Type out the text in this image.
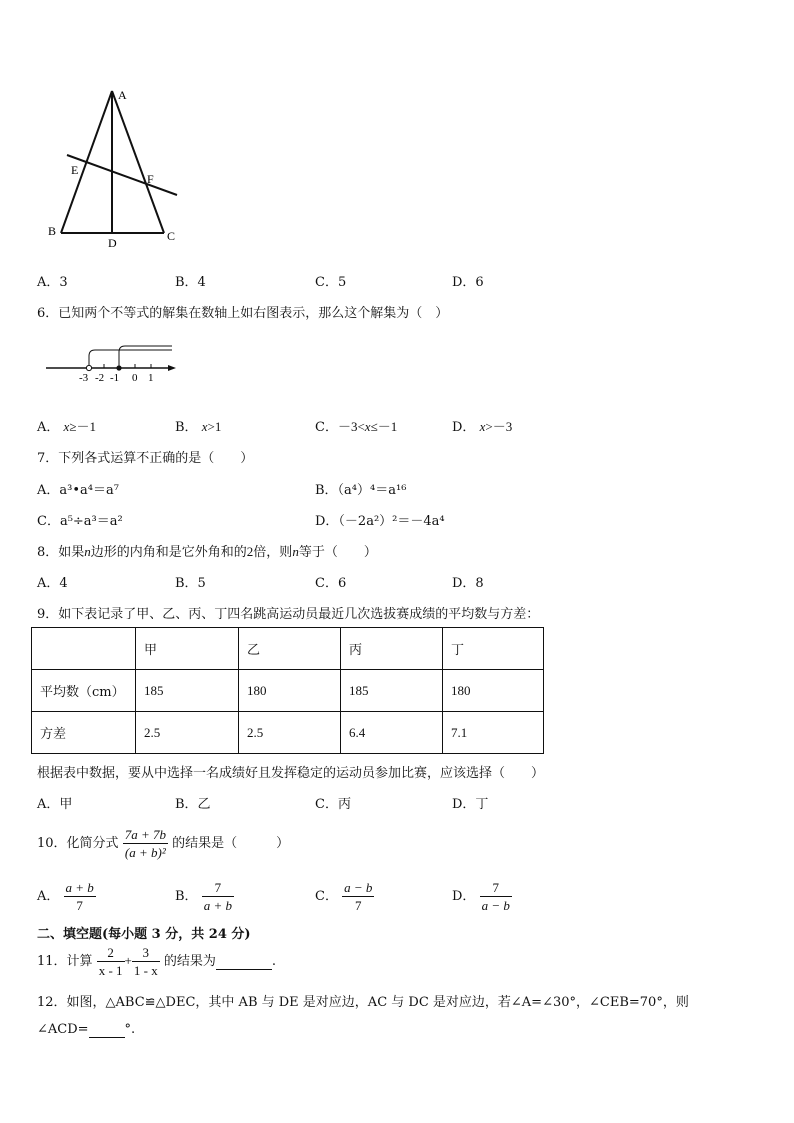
A
B	C
D
E
F
A．3	B．4	C．5	D．6
6．已知两个不等式的解集在数轴上如右图表示，那么这个解集为（　）
-3 -2 -1 0 1
A． x≥－1	B． x>1	C．－3<x≤－1	D． x>－3
7．下列各式运算不正确的是（　　）
A．a³•a⁴＝a⁷	B．（a⁴）⁴＝a¹⁶
C．a⁵÷a³＝a²	D．（－2a²）²＝－4a⁴
8．如果n边形的内角和是它外角和的2倍，则n等于（　　）
A．4	B．5	C．6	D．8
9．如下表记录了甲、乙、丙、丁四名跳高运动员最近几次选拔赛成绩的平均数与方差：
	甲	乙	丙	丁
平均数（cm）	185	180	185	180
方差	2.5	2.5	6.4	7.1
根据表中数据，要从中选择一名成绩好且发挥稳定的运动员参加比赛，应该选择（　　）
A．甲	B．乙	C．丙	D．丁
10．化简分式 $\frac{7a + 7b}{\text{(a + b)²}}$ 的结果是（　　　）
A． $\frac{a + b}{7}$	B． $\frac{7}{a + b}$	C． $\frac{a - b}{7}$	D． $\frac{7}{a - b}$
二、填空题(每小题 3 分，共 24 分)
11．计算 $\frac{2}{x - 1} + \frac{3}{1 - x}$ 的结果为	.
12．如图，△ABC≌△DEC，其中 AB 与 DE 是对应边，AC 与 DC 是对应边，若∠A=∠30°，∠CEB=70°，则
∠ACD=	°.
